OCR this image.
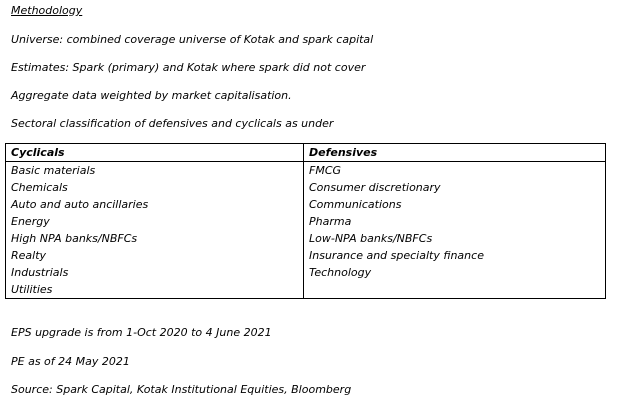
Methodology
Universe: combined coverage universe of Kotak and spark capital
Estimates: Spark (primary) and Kotak where spark did not cover
Aggregate data weighted by market capitalisation.
Sectoral classification of defensives and cyclicals as under
Cyclicals	Defensives
Basic materials	FMCG
Chemicals	Consumer discretionary
Auto and auto ancillaries	Communications
Energy	Pharma
High NPA banks/NBFCs	Low-NPA banks/NBFCs
Realty	Insurance and specialty finance
Industrials	Technology
Utilities	
EPS upgrade is from 1-Oct 2020 to 4 June 2021
PE as of 24 May 2021
Source: Spark Capital, Kotak Institutional Equities, Bloomberg
